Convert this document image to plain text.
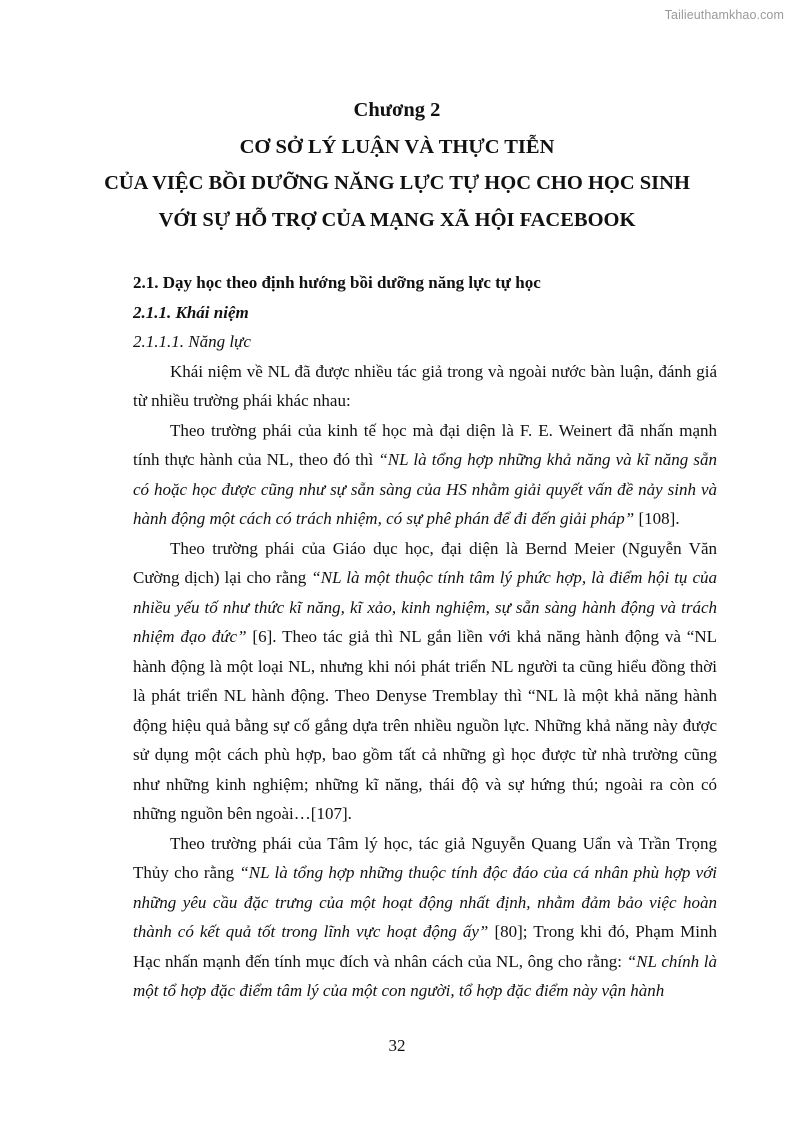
Tailieuthamkhao.com
Chương 2
CƠ SỞ LÝ LUẬN VÀ THỰC TIỄN
CỦA VIỆC BỒI DƯỠNG NĂNG LỰC TỰ HỌC CHO HỌC SINH
VỚI SỰ HỖ TRỢ CỦA MẠNG XÃ HỘI FACEBOOK
2.1. Dạy học theo định hướng bồi dưỡng năng lực tự học
2.1.1. Khái niệm
2.1.1.1. Năng lực

Khái niệm về NL đã được nhiều tác giả trong và ngoài nước bàn luận, đánh giá từ nhiều trường phái khác nhau:

Theo trường phái của kinh tế học mà đại diện là F. E. Weinert đã nhấn mạnh tính thực hành của NL, theo đó thì “NL là tổng hợp những khả năng và kĩ năng sẵn có hoặc học được cũng như sự sẵn sàng của HS nhằm giải quyết vấn đề nảy sinh và hành động một cách có trách nhiệm, có sự phê phán để đi đến giải pháp” [108].

Theo trường phái của Giáo dục học, đại diện là Bernd Meier (Nguyễn Văn Cường dịch) lại cho rằng “NL là một thuộc tính tâm lý phức hợp, là điểm hội tụ của nhiều yếu tố như thức kĩ năng, kĩ xảo, kinh nghiệm, sự sẵn sàng hành động và trách nhiệm đạo đức” [6]. Theo tác giả thì NL gắn liền với khả năng hành động và “NL hành động là một loại NL, nhưng khi nói phát triển NL người ta cũng hiểu đồng thời là phát triển NL hành động. Theo Denyse Tremblay thì “NL là một khả năng hành động hiệu quả bằng sự cố gắng dựa trên nhiều nguồn lực. Những khả năng này được sử dụng một cách phù hợp, bao gồm tất cả những gì học được từ nhà trường cũng như những kinh nghiệm; những kĩ năng, thái độ và sự hứng thú; ngoài ra còn có những nguồn bên ngoài…[107].

Theo trường phái của Tâm lý học, tác giả Nguyễn Quang Uẩn và Trần Trọng Thủy cho rằng “NL là tổng hợp những thuộc tính độc đáo của cá nhân phù hợp với những yêu cầu đặc trưng của một hoạt động nhất định, nhằm đảm bảo việc hoàn thành có kết quả tốt trong lĩnh vực hoạt động ấy” [80]; Trong khi đó, Phạm Minh Hạc nhấn mạnh đến tính mục đích và nhân cách của NL, ông cho rằng: “NL chính là một tổ hợp đặc điểm tâm lý của một con người, tổ hợp đặc điểm này vận hành

32
